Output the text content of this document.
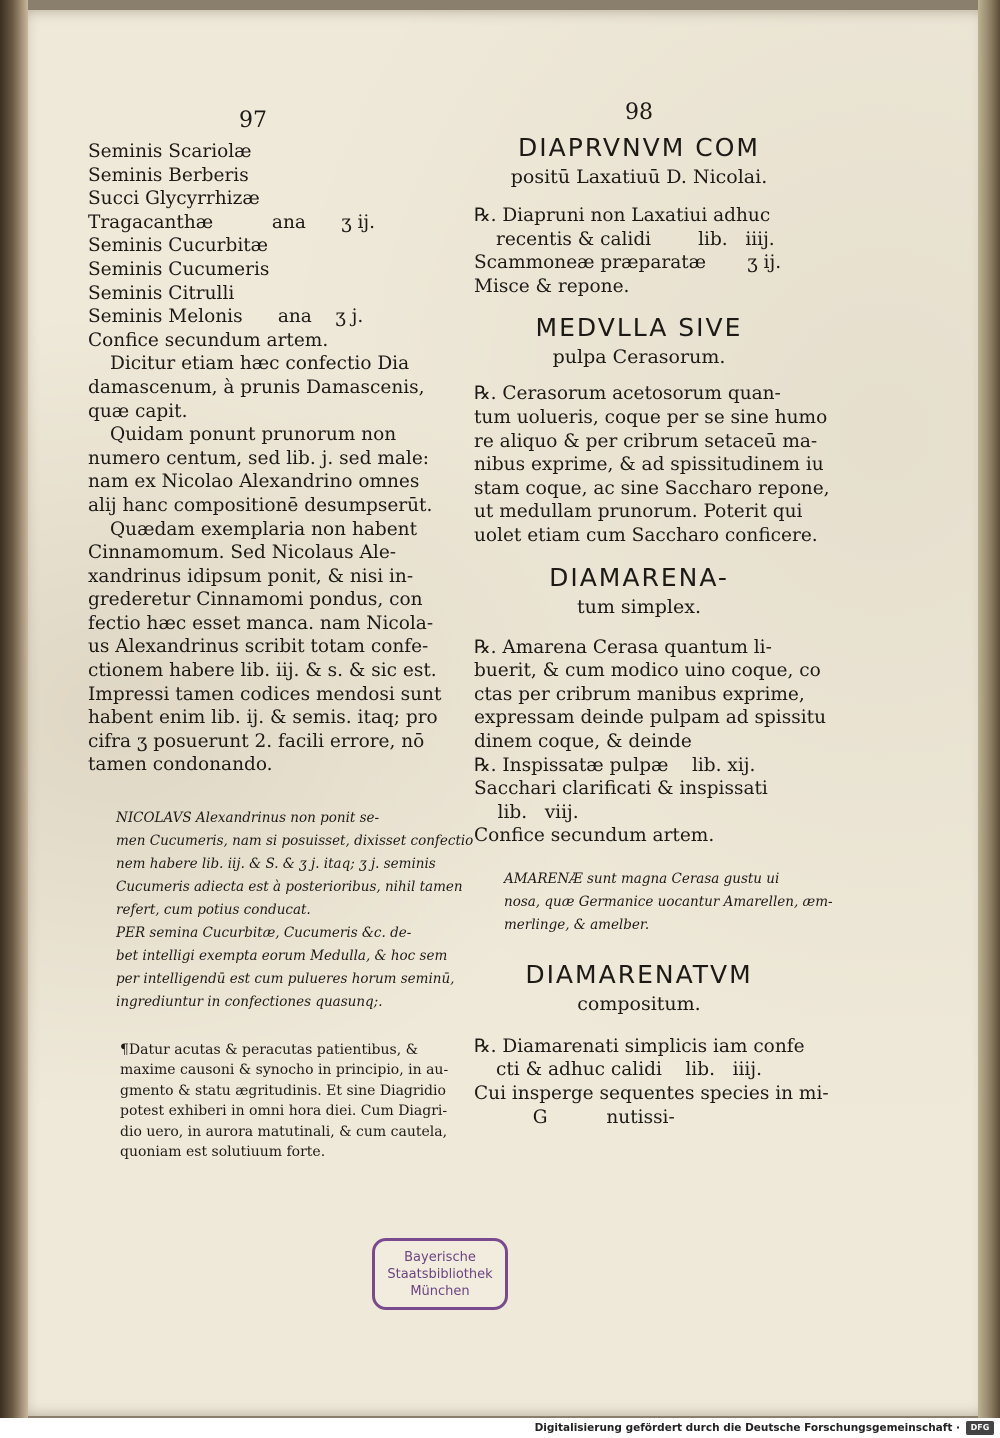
97
Seminis Scariolæ
Seminis Berberis
Succi Glycyrrhizæ
Tragacanthæ          ana      ʒ ij.
Seminis Cucurbitæ
Seminis Cucumeris
Seminis Citrulli
Seminis Melonis      ana    ʒ j.
Confice secundum artem.
Dicitur etiam hæc confectio Dia
damascenum, à prunis Damascenis,
quæ capit.
Quidam ponunt prunorum non
numero centum, sed lib. j. sed male:
nam ex Nicolao Alexandrino omnes
alij hanc compositionē desumpserūt.
Quædam exemplaria non habent
Cinnamomum. Sed Nicolaus Ale-
xandrinus idipsum ponit, & nisi in-
grederetur Cinnamomi pondus, con
fectio hæc esset manca. nam Nicola-
us Alexandrinus scribit totam confe-
ctionem habere lib. iij. & s. & sic est.
Impressi tamen codices mendosi sunt
habent enim lib. ij. & semis. itaq; pro
cifra ʒ posuerunt 2. facili errore, nō
tamen condonando.
NICOLAVS Alexandrinus non ponit se-
men Cucumeris, nam si posuisset, dixisset confectio
nem habere lib. iij. & S. & ʒ j. itaq; ʒ j. seminis
Cucumeris adiecta est à posterioribus, nihil tamen
refert, cum potius conducat.
PER semina Cucurbitæ, Cucumeris &c. de-
bet intelligi exempta eorum Medulla, & hoc sem
per intelligendū est cum pulueres horum seminū,
ingrediuntur in confectiones quasunq;.
¶Datur acutas & peracutas patientibus, &
maxime causoni & synocho in principio, in au-
gmento & statu ægritudinis. Et sine Diagridio
potest exhiberi in omni hora diei. Cum Diagri-
dio uero, in aurora matutinali, & cum cautela,
quoniam est solutiuum forte.
98
DIAPRVNVM COM
positū Laxatiuū D. Nicolai.
℞. Diapruni non Laxatiui adhuc
recentis & calidi        lib.   iiij.
Scammoneæ præparatæ       ʒ ij.
Misce & repone.
MEDVLLA SIVE
pulpa Cerasorum.
℞. Cerasorum acetosorum quan-
tum uolueris, coque per se sine humo
re aliquo & per cribrum setaceū ma-
nibus exprime, & ad spissitudinem iu
stam coque, ac sine Saccharo repone,
ut medullam prunorum. Poterit qui
uolet etiam cum Saccharo conficere.
DIAMARENA-
tum simplex.
℞. Amarena Cerasa quantum li-
buerit, & cum modico uino coque, co
ctas per cribrum manibus exprime,
expressam deinde pulpam ad spissitu
dinem coque, & deinde
℞. Inspissatæ pulpæ    lib. xij.
Sacchari clarificati & inspissati
lib.   viij.
Confice secundum artem.
AMARENÆ sunt magna Cerasa gustu ui
nosa, quæ Germanice uocantur Amarellen, æm-
merlinge, & amelber.
DIAMARENATVM
compositum.
℞. Diamarenati simplicis iam confe
cti & adhuc calidi    lib.   iiij.
Cui insperge sequentes species in mi-
G          nutissi-
Bayerische
Staatsbibliothek
München
Digitalisierung gefördert durch die Deutsche Forschungsgemeinschaft ·	DFG
